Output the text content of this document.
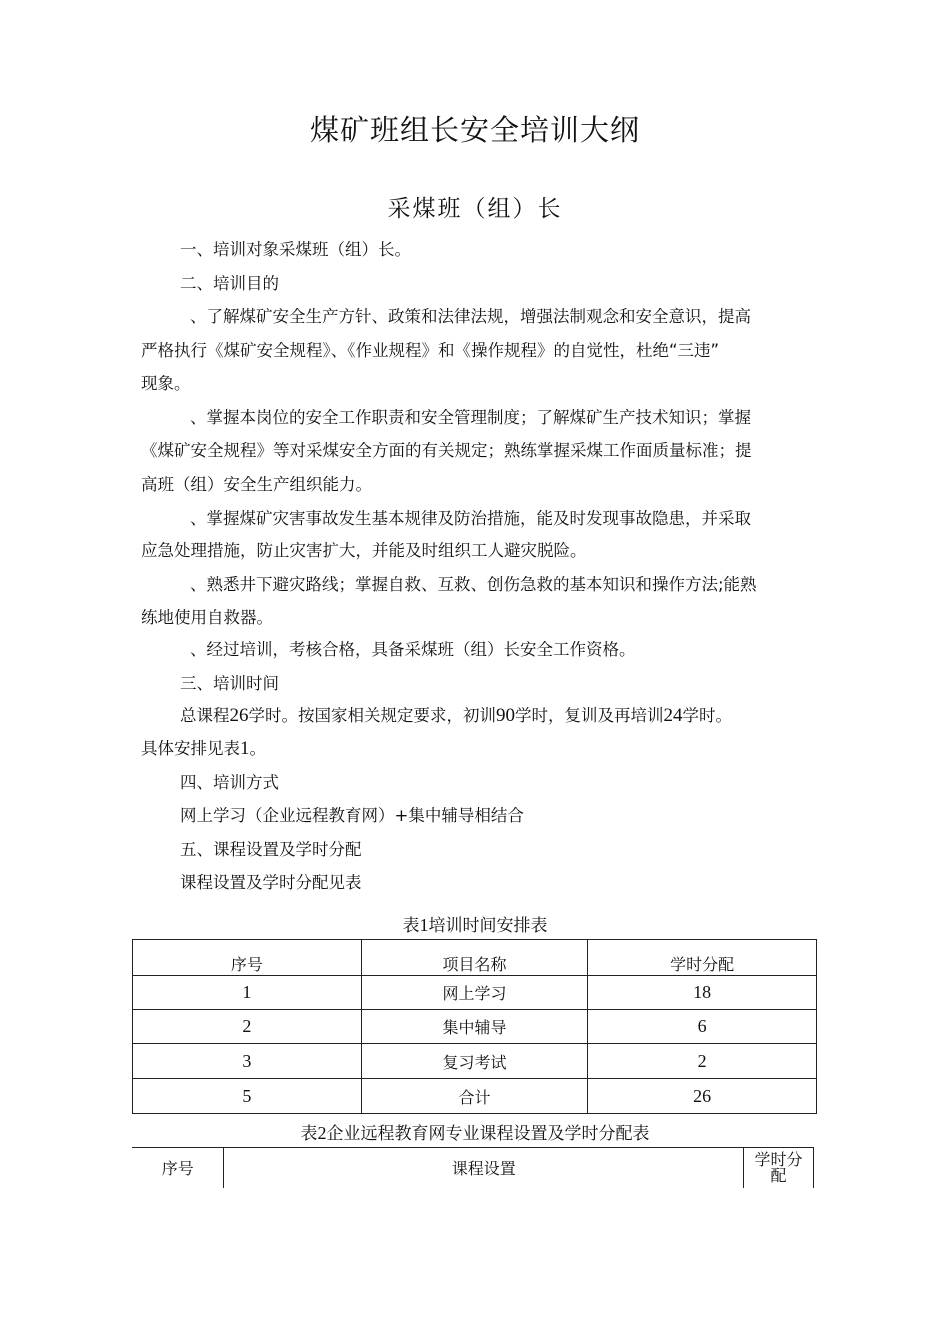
煤矿班组长安全培训大纲
采煤班（组）长
一、培训对象采煤班（组）长。
二、培训目的
、了解煤矿安全生产方针、政策和法律法规，增强法制观念和安全意识，提高
严格执行《煤矿安全规程》、《作业规程》和《操作规程》的自觉性，杜绝“三违”
现象。
、掌握本岗位的安全工作职责和安全管理制度；了解煤矿生产技术知识；掌握
《煤矿安全规程》等对采煤安全方面的有关规定；熟练掌握采煤工作面质量标准；提
高班（组）安全生产组织能力。
、掌握煤矿灾害事故发生基本规律及防治措施，能及时发现事故隐患，并采取
应急处理措施，防止灾害扩大，并能及时组织工人避灾脱险。
、熟悉井下避灾路线；掌握自救、互救、创伤急救的基本知识和操作方法;能熟
练地使用自救器。
、经过培训，考核合格，具备采煤班（组）长安全工作资格。
三、培训时间
总课程26学时。按国家相关规定要求，初训90学时，复训及再培训24学时。
具体安排见表1。
四、培训方式
网上学习（企业远程教育网）+集中辅导相结合
五、课程设置及学时分配
课程设置及学时分配见表
表1培训时间安排表
序号	项目名称	学时分配
1	网上学习	18
2	集中辅导	6
3	复习考试	2
5	合计	26
表2企业远程教育网专业课程设置及学时分配表
序号	课程设置	学时分
配
